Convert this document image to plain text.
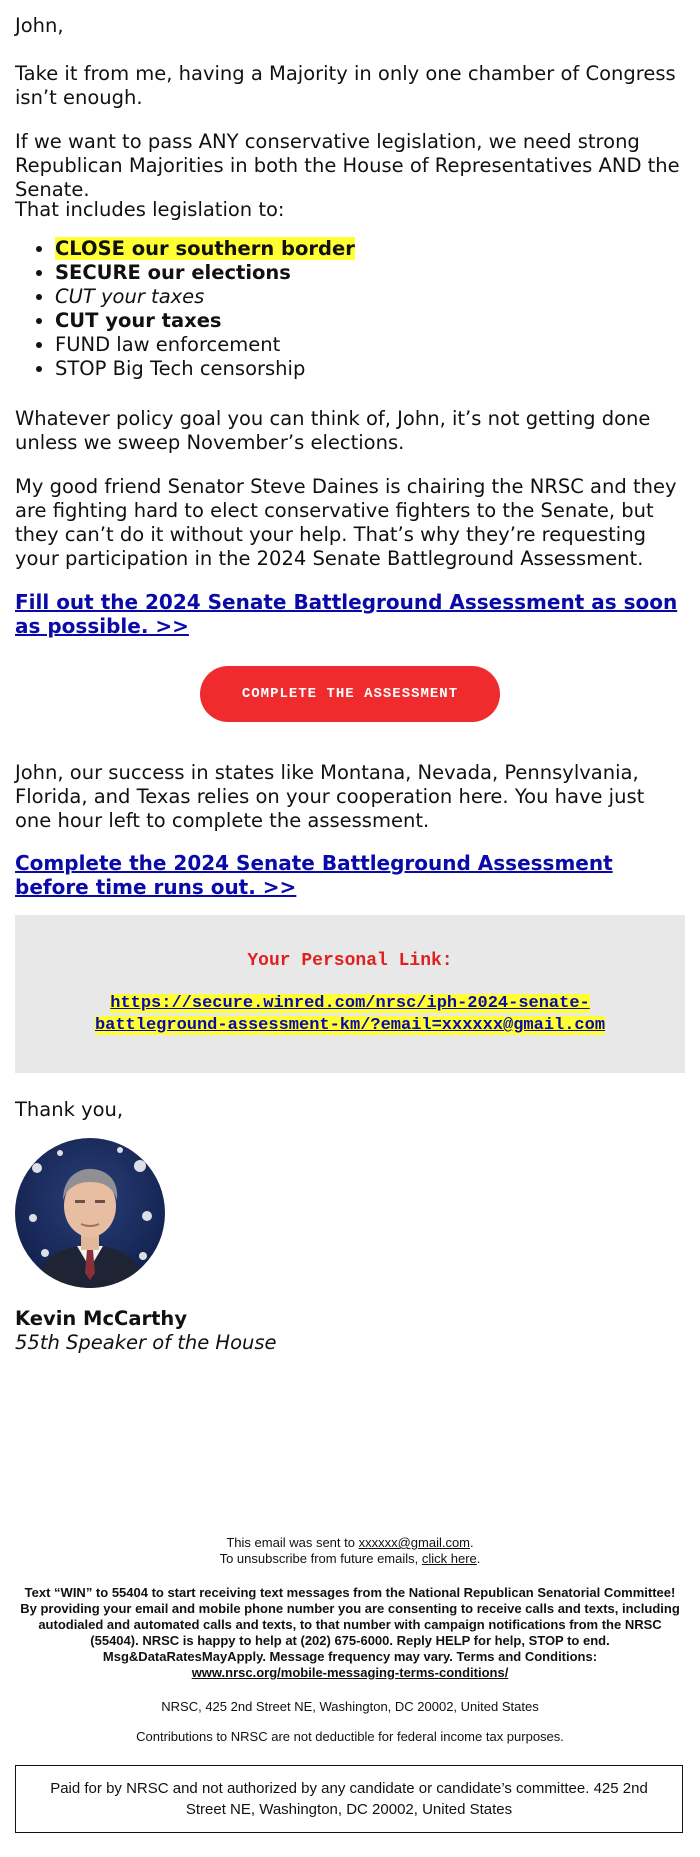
John,

Take it from me, having a Majority in only one chamber of Congress isn’t enough.

If we want to pass ANY conservative legislation, we need strong Republican Majorities in both the House of Representatives AND the Senate.

That includes legislation to:

• CLOSE our southern border
• SECURE our elections
• CUT your taxes
• CUT your taxes
• FUND law enforcement
• STOP Big Tech censorship

Whatever policy goal you can think of, John, it’s not getting done unless we sweep November’s elections.

My good friend Senator Steve Daines is chairing the NRSC and they are fighting hard to elect conservative fighters to the Senate, but they can’t do it without your help. That’s why they’re requesting your participation in the 2024 Senate Battleground Assessment.

Fill out the 2024 Senate Battleground Assessment as soon as possible. >>
COMPLETE THE ASSESSMENT

John, our success in states like Montana, Nevada, Pennsylvania, Florida, and Texas relies on your cooperation here. You have just one hour left to complete the assessment.

Complete the 2024 Senate Battleground Assessment before time runs out. >>
Your Personal Link:
https://secure.winred.com/nrsc/iph-2024-senate-battleground-assessment-km/?email=xxxxxx@gmail.com

Thank you,

Kevin McCarthy
55th Speaker of the House
This email was sent to xxxxxx@gmail.com.
To unsubscribe from future emails, click here.
Text “WIN” to 55404 to start receiving text messages from the National Republican Senatorial Committee! By providing your email and mobile phone number you are consenting to receive calls and texts, including autodialed and automated calls and texts, to that number with campaign notifications from the NRSC (55404). NRSC is happy to help at (202) 675-6000. Reply HELP for help, STOP to end. Msg&DataRatesMayApply. Message frequency may vary. Terms and Conditions:
www.nrsc.org/mobile-messaging-terms-conditions/
NRSC, 425 2nd Street NE, Washington, DC 20002, United States
Contributions to NRSC are not deductible for federal income tax purposes.
Paid for by NRSC and not authorized by any candidate or candidate’s committee. 425 2nd Street NE, Washington, DC 20002, United States
